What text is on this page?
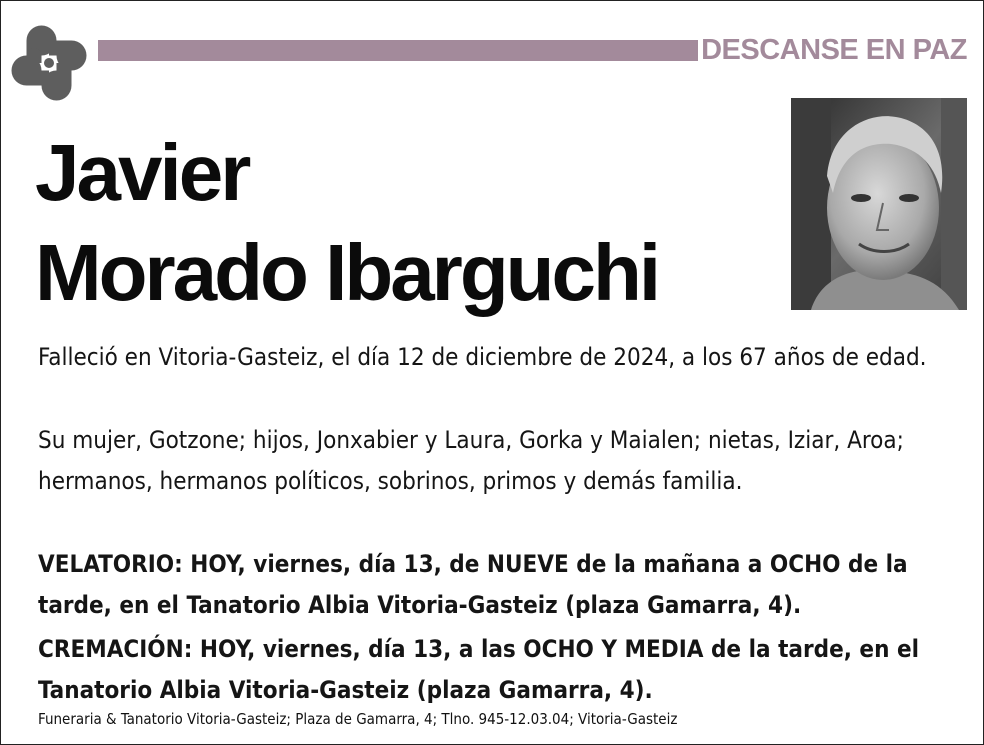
DESCANSE EN PAZ
Javier
Morado Ibarguchi

Falleció en Vitoria-Gasteiz, el día 12 de diciembre de 2024, a los 67 años de edad.

Su mujer, Gotzone; hijos, Jonxabier y Laura, Gorka y Maialen; nietas, Iziar, Aroa; hermanos, hermanos políticos, sobrinos, primos y demás familia.

VELATORIO: HOY, viernes, día 13, de NUEVE de la mañana a OCHO de la tarde, en el Tanatorio Albia Vitoria-Gasteiz (plaza Gamarra, 4).

CREMACIÓN: HOY, viernes, día 13, a las OCHO Y MEDIA de la tarde, en el Tanatorio Albia Vitoria-Gasteiz (plaza Gamarra, 4).

Funeraria & Tanatorio Vitoria-Gasteiz; Plaza de Gamarra, 4; Tlno. 945-12.03.04; Vitoria-Gasteiz
